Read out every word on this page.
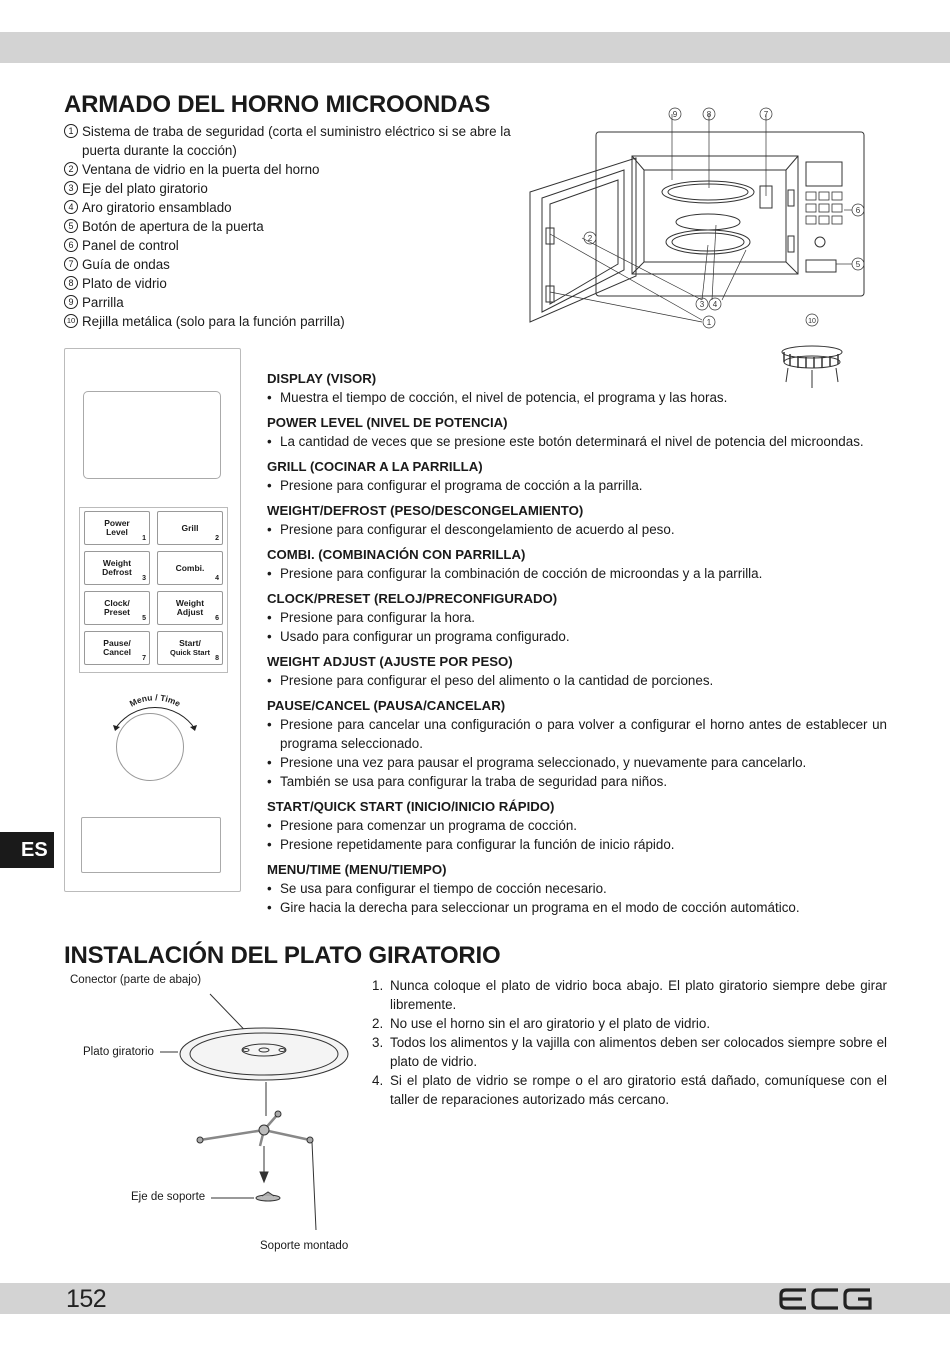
ARMADO DEL HORNO MICROONDAS
1 Sistema de traba de seguridad (corta el suministro eléctrico si se abre la puerta durante la cocción)
2 Ventana de vidrio en la puerta del horno
3 Eje del plato giratorio
4 Aro giratorio ensamblado
5 Botón de apertura de la puerta
6 Panel de control
7 Guía de ondas
8 Plato de vidrio
9 Parrilla
10 Rejilla metálica (solo para la función parrilla)
9	8	7
2
6
5
3 4
1	10
Power
Level
1
Grill
2
Weight
Defrost
3
Combi.
4
Clock/
Preset
5
Weight
Adjust
6
Pause/
Cancel
7
Start/
Quick Start
8
Menu / Time
DISPLAY (VISOR)
• Muestra el tiempo de cocción, el nivel de potencia, el programa y las horas.
POWER LEVEL (NIVEL DE POTENCIA)
• La cantidad de veces que se presione este botón determinará el nivel de potencia del microondas.
GRILL (COCINAR A LA PARRILLA)
• Presione para configurar el programa de cocción a la parrilla.
WEIGHT/DEFROST (PESO/DESCONGELAMIENTO)
• Presione para configurar el descongelamiento de acuerdo al peso.
COMBI. (COMBINACIÓN CON PARRILLA)
• Presione para configurar la combinación de cocción de microondas y a la parrilla.
CLOCK/PRESET (RELOJ/PRECONFIGURADO)
• Presione para configurar la hora.
• Usado para configurar un programa configurado.
WEIGHT ADJUST (AJUSTE POR PESO)
• Presione para configurar el peso del alimento o la cantidad de porciones.
PAUSE/CANCEL (PAUSA/CANCELAR)
• Presione para cancelar una configuración o para volver a configurar el horno antes de establecer un programa seleccionado.
• Presione una vez para pausar el programa seleccionado, y nuevamente para cancelarlo.
• También se usa para configurar la traba de seguridad para niños.
START/QUICK START (INICIO/INICIO RÁPIDO)
• Presione para comenzar un programa de cocción.
• Presione repetidamente para configurar la función de inicio rápido.
MENU/TIME (MENU/TIEMPO)
• Se usa para configurar el tiempo de cocción necesario.
• Gire hacia la derecha para seleccionar un programa en el modo de cocción automático.
ES
INSTALACIÓN DEL PLATO GIRATORIO
Conector (parte de abajo)
Plato giratorio
Eje de soporte
Soporte montado
1. Nunca coloque el plato de vidrio boca abajo. El plato giratorio siempre debe girar libremente.
2. No use el horno sin el aro giratorio y el plato de vidrio.
3. Todos los alimentos y la vajilla con alimentos deben ser colocados siempre sobre el plato de vidrio.
4. Si el plato de vidrio se rompe o el aro giratorio está dañado, comuníquese con el taller de reparaciones autorizado más cercano.
152
